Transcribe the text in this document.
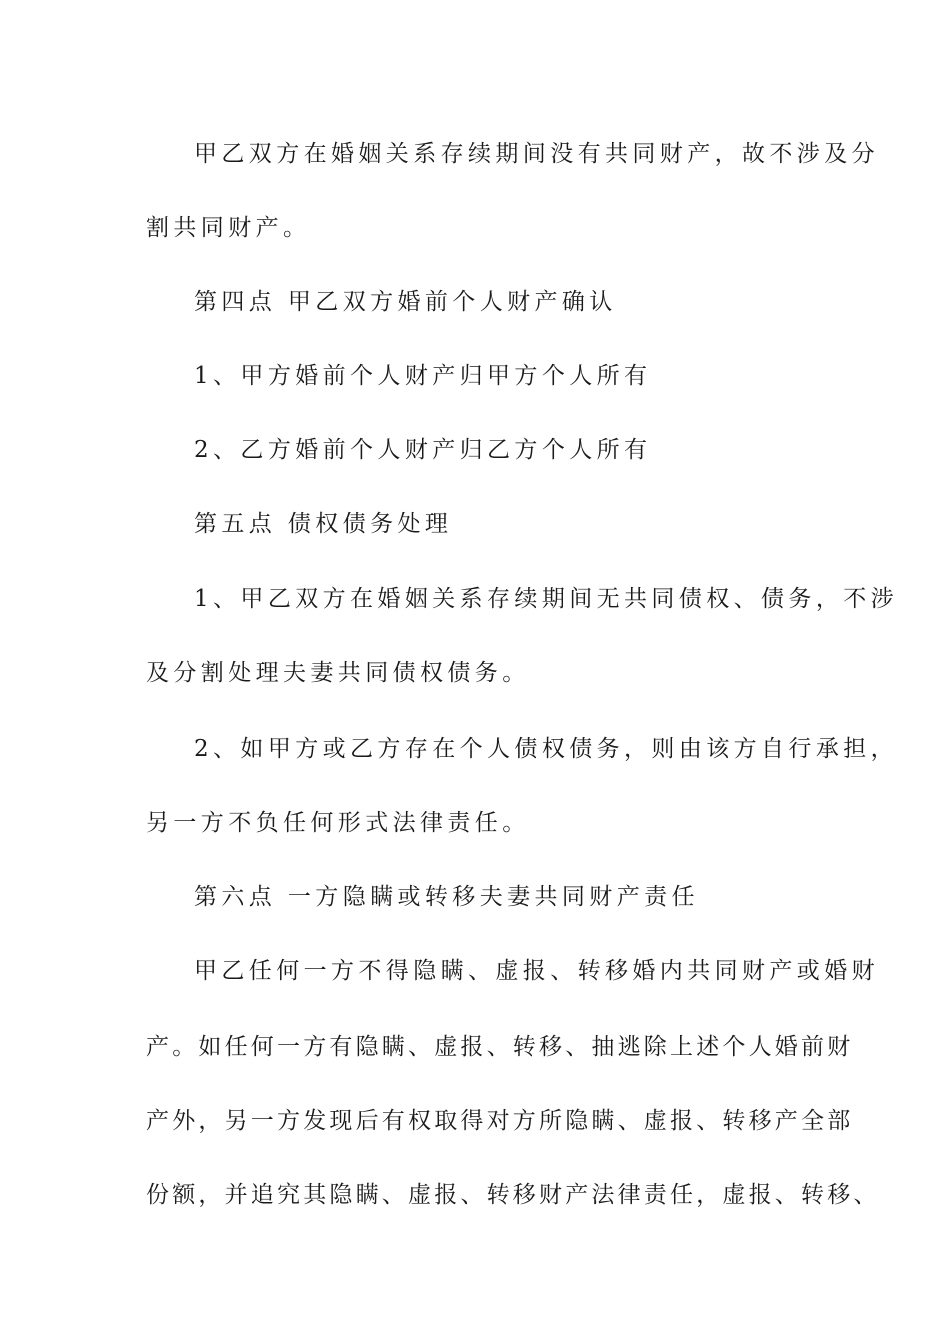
甲乙双方在婚姻关系存续期间没有共同财产，故不涉及分
割共同财产。
第四点 甲乙双方婚前个人财产确认
1、甲方婚前个人财产归甲方个人所有
2、乙方婚前个人财产归乙方个人所有
第五点 债权债务处理
1、甲乙双方在婚姻关系存续期间无共同债权、债务，不涉
及分割处理夫妻共同债权债务。
2、如甲方或乙方存在个人债权债务，则由该方自行承担，
另一方不负任何形式法律责任。
第六点 一方隐瞒或转移夫妻共同财产责任
甲乙任何一方不得隐瞒、虚报、转移婚内共同财产或婚财
产。如任何一方有隐瞒、虚报、转移、抽逃除上述个人婚前财
产外，另一方发现后有权取得对方所隐瞒、虚报、转移产全部
份额，并追究其隐瞒、虚报、转移财产法律责任，虚报、转移、
